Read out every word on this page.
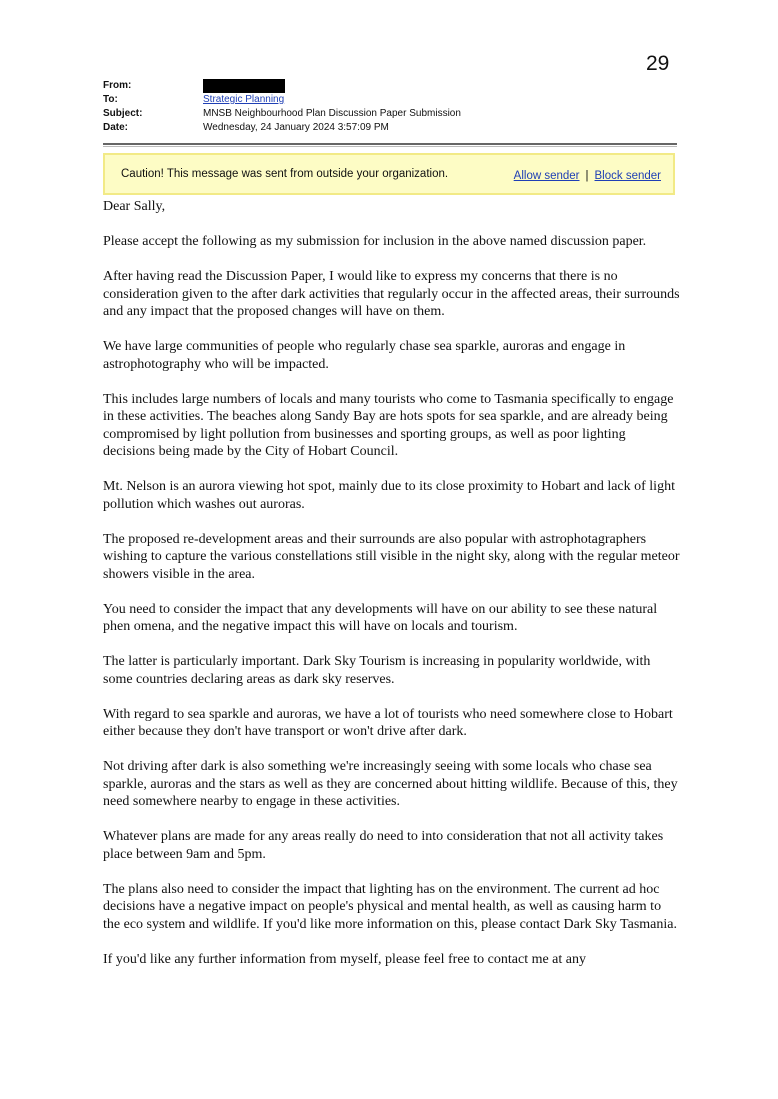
29
From:
To:	Strategic Planning
Subject:	MNSB Neighbourhood Plan Discussion Paper Submission
Date:	Wednesday, 24 January 2024 3:57:09 PM
Caution! This message was sent from outside your organization.	Allow sender | Block sender

Dear Sally,

Please accept the following as my submission for inclusion in the above named discussion paper.

After having read the Discussion Paper, I would like to express my concerns that there is no consideration given to the after dark activities that regularly occur in the affected areas, their surrounds and any impact that the proposed changes will have on them.

We have large communities of people who regularly chase sea sparkle, auroras and engage in astrophotography who will be impacted.

This includes large numbers of locals and many tourists who come to Tasmania specifically to engage in these activities. The beaches along Sandy Bay are hots spots for sea sparkle, and are already being compromised by light pollution from businesses and sporting groups, as well as poor lighting decisions being made by the City of Hobart Council.

Mt. Nelson is an aurora viewing hot spot, mainly due to its close proximity to Hobart and lack of light pollution which washes out auroras.

The proposed re-development areas and their surrounds are also popular with astrophotagraphers wishing to capture the various constellations still visible in the night sky, along with the regular meteor showers visible in the area.

You need to consider the impact that any developments will have on our ability to see these natural phen omena, and the negative impact this will have on locals and tourism.

The latter is particularly important. Dark Sky Tourism is increasing in popularity worldwide, with some countries declaring areas as dark sky reserves.

With regard to sea sparkle and auroras, we have a lot of tourists who need somewhere close to Hobart either because they don't have transport or won't drive after dark.

Not driving after dark is also something we're increasingly seeing with some locals who chase sea sparkle, auroras and the stars as well as they are concerned about hitting wildlife. Because of this, they need somewhere nearby to engage in these activities.

Whatever plans are made for any areas really do need to into consideration that not all activity takes place between 9am and 5pm.

The plans also need to consider the impact that lighting has on the environment. The current ad hoc decisions have a negative impact on people's physical and mental health, as well as causing harm to the eco system and wildlife. If you'd like more information on this, please contact Dark Sky Tasmania.

If you'd like any further information from myself, please feel free to contact me at any
